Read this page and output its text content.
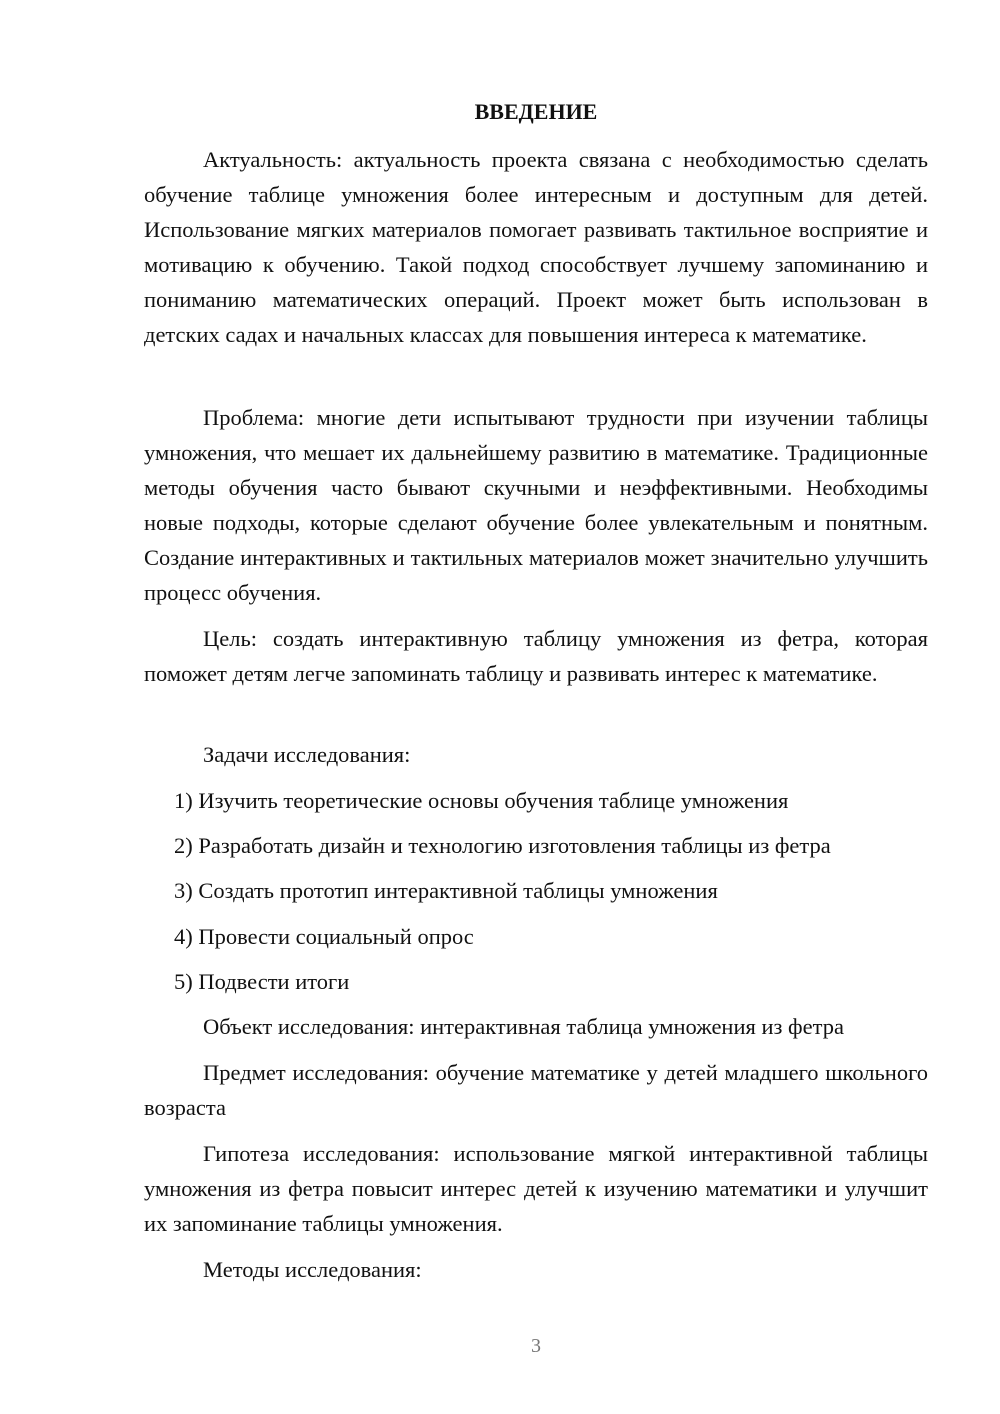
ВВЕДЕНИЕ

Актуальность: актуальность проекта связана с необходимостью сделать обучение таблице умножения более интересным и доступным для детей. Использование мягких материалов помогает развивать тактильное восприятие и мотивацию к обучению. Такой подход способствует лучшему запоминанию и пониманию математических операций. Проект может быть использован в детских садах и начальных классах для повышения интереса к математике.

Проблема: многие дети испытывают трудности при изучении таблицы умножения, что мешает их дальнейшему развитию в математике. Традиционные методы обучения часто бывают скучными и неэффективными. Необходимы новые подходы, которые сделают обучение более увлекательным и понятным. Создание интерактивных и тактильных материалов может значительно улучшить процесс обучения.

Цель: создать интерактивную таблицу умножения из фетра, которая поможет детям легче запоминать таблицу и развивать интерес к математике.

Задачи исследования:

1) Изучить теоретические основы обучения таблице умножения

2) Разработать дизайн и технологию изготовления таблицы из фетра

3) Создать прототип интерактивной таблицы умножения

4) Провести социальный опрос

5) Подвести итоги

Объект исследования: интерактивная таблица умножения из фетра

Предмет исследования: обучение математике у детей младшего школьного возраста

Гипотеза исследования: использование мягкой интерактивной таблицы умножения из фетра повысит интерес детей к изучению математики и улучшит их запоминание таблицы умножения.

Методы исследования:

3
